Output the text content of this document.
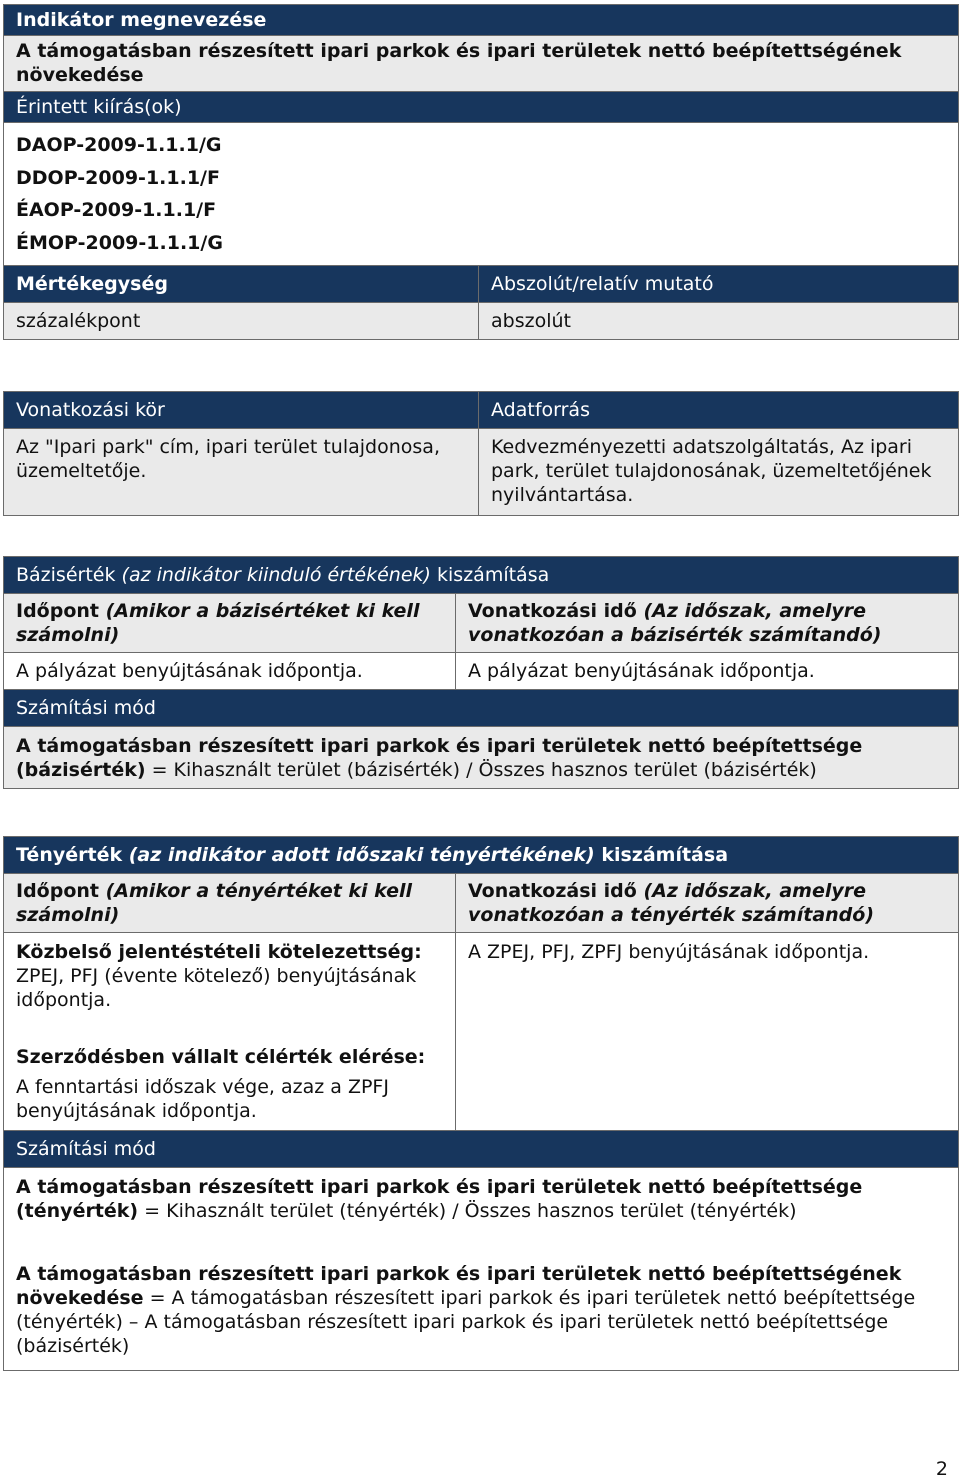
Indikátor megnevezése	
A támogatásban részesített ipari parkok és ipari területek nettó beépítettségének növekedése	
Érintett kiírás(ok)	

DAOP-2009-1.1.1/G
DDOP-2009-1.1.1/F
ÉAOP-2009-1.1.1/F
ÉMOP-2009-1.1.1/G	

Mértékegység	Abszolút/relatív mutató
százalékpont	abszolút
Vonatkozási kör	Adatforrás
Az "Ipari park" cím, ipari terület tulajdonosa, üzemeltetője.	Kedvezményezetti adatszolgáltatás, Az ipari park, terület tulajdonosának, üzemeltetőjének nyilvántartása.
Bázisérték (az indikátor kiinduló értékének) kiszámítása	
Időpont (Amikor a bázisértéket ki kell számolni)	Vonatkozási idő (Az időszak, amelyre vonatkozóan a bázisérték számítandó)
A pályázat benyújtásának időpontja.	A pályázat benyújtásának időpontja.
Számítási mód	
A támogatásban részesített ipari parkok és ipari területek nettó beépítettsége (bázisérték) = Kihasznált terület (bázisérték) / Összes hasznos terület (bázisérték)	
Tényérték (az indikátor adott időszaki tényértékének) kiszámítása	
Időpont (Amikor a tényértéket ki kell számolni)	Vonatkozási idő (Az időszak, amelyre vonatkozóan a tényérték számítandó)
Közbelső jelentéstételi kötelezettség: ZPEJ, PFJ (évente kötelező) benyújtásának időpontja.	A ZPEJ, PFJ, ZPFJ benyújtásának időpontja.

Szerződésben vállalt célérték elérése:
A fenntartási időszak vége, azaz a ZPFJ benyújtásának időpontja.	

Számítási mód	

A támogatásban részesített ipari parkok és ipari területek nettó beépítettsége (tényérték) = Kihasznált terület (tényérték) / Összes hasznos terület (tényérték)
A támogatásban részesített ipari parkok és ipari területek nettó beépítettségének növekedése = A támogatásban részesített ipari parkok és ipari területek nettó beépítettsége (tényérték) – A támogatásban részesített ipari parkok és ipari területek nettó beépítettsége (bázisérték)	
2
